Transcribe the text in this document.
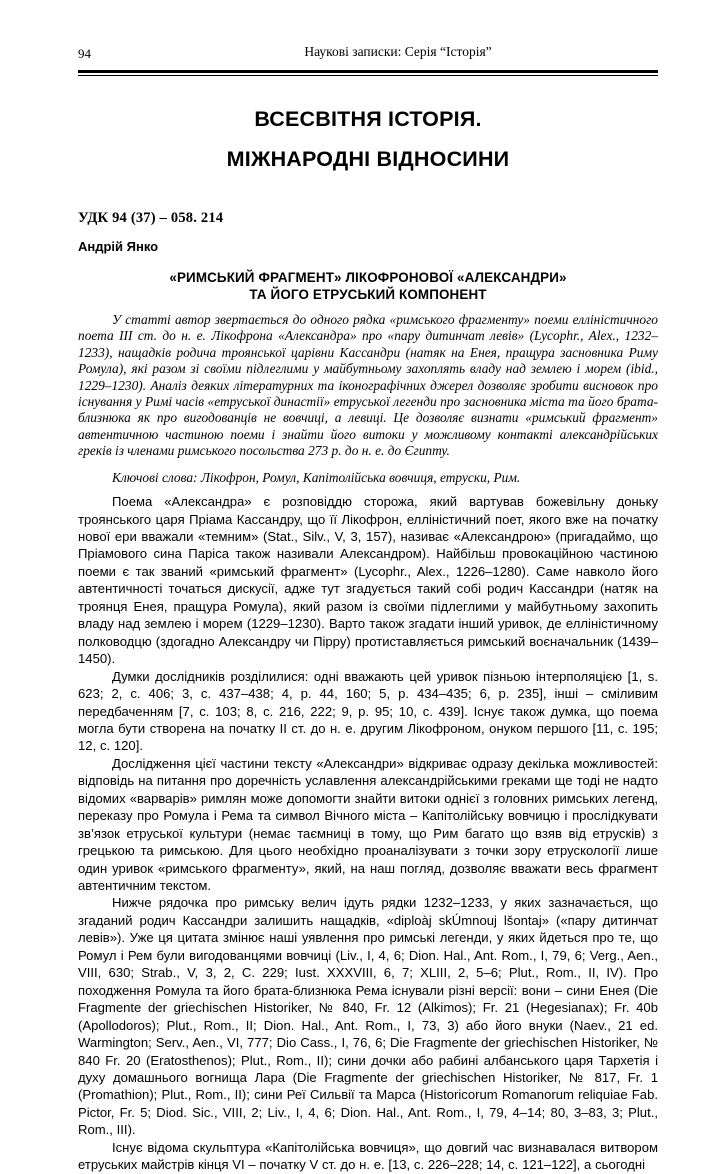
94	Наукові записки: Серія “Історія”
ВСЕСВІТНЯ ІСТОРІЯ.
МІЖНАРОДНІ ВІДНОСИНИ
УДК 94 (37) – 058. 214
Андрій Янко
«РИМСЬКИЙ ФРАГМЕНТ» ЛІКОФРОНОВОЇ «АЛЕКСАНДРИ»
ТА ЙОГО ЕТРУСЬКИЙ КОМПОНЕНТ
У статті автор звертається до одного рядка «римського фрагменту» поеми елліністичного поета III ст. до н. е. Лікофрона «Александра» про «пару дитинчат левів» (Lycophr., Alex., 1232–1233), нащадків родича троянської царівни Кассандри (натяк на Енея, пращура засновника Риму Ромула), які разом зі своїми підлеглими у майбутньому захоплять владу над землею і морем (ibid., 1229–1230). Аналіз деяких літературних та іконографічних джерел дозволяє зробити висновок про існування у Римі часів «етруської династії» етруської легенди про засновника міста та його брата-близнюка як про вигодованців не вовчиці, а левиці. Це дозволяє визнати «римський фрагмент» автентичною частиною поеми і знайти його витоки у можливому контакті александрійських греків із членами римського посольства 273 р. до н. е. до Єгипту.
Ключові слова: Лікофрон, Ромул, Капітолійська вовчиця, етруски, Рим.

Поема «Александра» є розповіддю сторожа, який вартував божевільну доньку троянського царя Пріама Кассандру, що її Лікофрон, елліністичний поет, якого вже на початку нової ери вважали «темним» (Stat., Silv., V, 3, 157), називає «Александрою» (пригадаймо, що Пріамового сина Паріса також називали Александром). Найбільш провокаційною частиною поеми є так званий «римський фрагмент» (Lycophr., Alex., 1226–1280). Саме навколо його автентичності точаться дискусії, адже тут згадується такий собі родич Кассандри (натяк на троянця Енея, пращура Ромула), який разом із своїми підлеглими у майбутньому захопить владу над землею і морем (1229–1230). Варто також згадати інший уривок, де елліністичному полководцю (здогадно Александру чи Пірру) протиставляється римський воєначальник (1439–1450).

Думки дослідників розділилися: одні вважають цей уривок пізньою інтерполяцією [1, s. 623; 2, с. 406; 3, с. 437–438; 4, p. 44, 160; 5, p. 434–435; 6, p. 235], інші – сміливим передбаченням [7, с. 103; 8, с. 216, 222; 9, p. 95; 10, с. 439]. Існує також думка, що поема могла бути створена на початку II ст. до н. е. другим Лікофроном, онуком першого [11, с. 195; 12, с. 120].

Дослідження цієї частини тексту «Александри» відкриває одразу декілька можливостей: відповідь на питання про доречність уславлення александрійськими греками ще тоді не надто відомих «варварів» римлян може допомогти знайти витоки однієї з головних римських легенд, переказу про Ромула і Рема та символ Вічного міста – Капітолійську вовчицю і прослідкувати зв’язок етруської культури (немає таємниці в тому, що Рим багато що взяв від етрусків) з грецькою та римською. Для цього необхідно проаналізувати з точки зору етрускології лише один уривок «римського фрагменту», який, на наш погляд, дозволяє вважати весь фрагмент автентичним текстом.

Нижче рядочка про римську велич ідуть рядки 1232–1233, у яких зазначається, що згаданий родич Кассандри залишить нащадків, «diploàj skÚmnouj lšontaj» («пару дитинчат левів»). Уже ця цитата змінює наші уявлення про римські легенди, у яких йдеться про те, що Ромул і Рем були вигодованцями вовчиці (Liv., I, 4, 6; Dion. Hal., Ant. Rom., I, 79, 6; Verg., Aen., VIII, 630; Strab., V, 3, 2, С. 229; Iust. XXXVIII, 6, 7; XLIII, 2, 5–6; Plut., Rom., II, IV). Про походження Ромула та його брата-близнюка Рема існували різні версії: вони – сини Енея (Die Fragmente der griechischen Historiker, № 840, Fr. 12 (Alkimos); Fr. 21 (Hegesianax); Fr. 40b (Apollodoros); Plut., Rom., II; Dion. Hal., Ant. Rom., I, 73, 3) або його внуки (Naev., 21 ed. Warmington; Serv., Aen., VI, 777; Dio Cass., I, 76, 6; Die Fragmente der griechischen Historiker, № 840 Fr. 20 (Eratosthenos); Plut., Rom., II); сини дочки або рабині албанського царя Тархетія і духу домашнього вогнища Лара (Die Fragmente der griechischen Historiker, № 817, Fr. 1 (Promathion); Plut., Rom., II); сини Реї Сильвії та Марса (Historicorum Romanorum reliquiae Fab. Pictor, Fr. 5; Diod. Sic., VIII, 2; Liv., I, 4, 6; Dion. Hal., Ant. Rom., I, 79, 4–14; 80, 3–83, 3; Plut., Rom., III).

Існує відома скульптура «Капітолійська вовчиця», що довгий час визнавалася витвором етруських майстрів кінця VI – початку V ст. до н. е. [13, с. 226–228; 14, с. 121–122], а сьогодні
